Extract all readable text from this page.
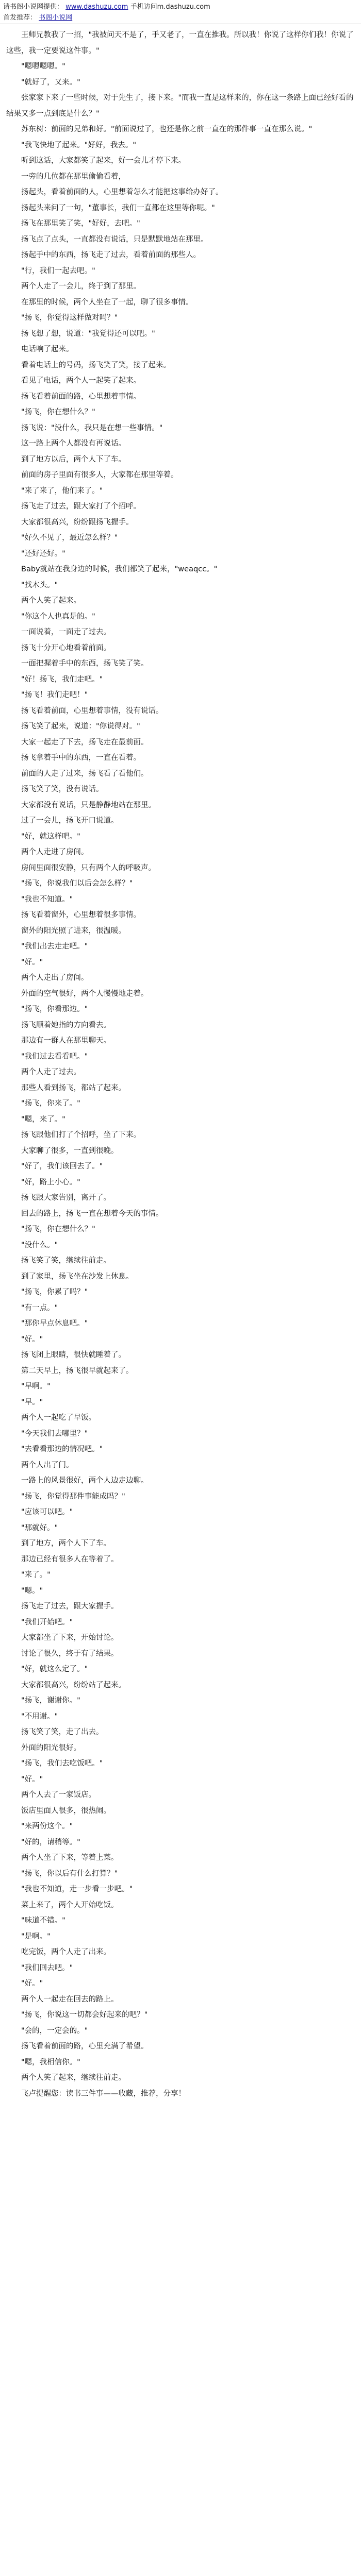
请书阁小说网提供： www.dashuzu.com 手机访问m.dashuzu.com
首发推荐： 书阁小说网

王师兄教我了一招，"我被问天不是了，手又老了，一直在推我。所以我！你说了这样你们我！你说了这些，我一定要说这件事。"

"嗯嗯嗯嗯。"

"就好了，又来。"

张家家下来了一些时候，对于先生了，接下来。"而我一直是这样来的，你在这一条路上面已经好看的结果又多一点到底是什么？"

苏东树：前面的兄弟和好。"前面说过了，也还是你之前一直在的那件事一直在那么说。"

"我飞快地了起来。"好好，我去。"

听到这话，大家都笑了起来，好一会儿才停下来。

一旁的几位都在那里偷偷看着，

扬起头，看着前面的人，心里想着怎么才能把这事给办好了。

扬起头来问了一句，"董事长，我们一直都在这里等你呢。"

扬飞在那里笑了笑，"好好，去吧。"

扬飞点了点头，一直都没有说话，只是默默地站在那里。

扬起手中的东西，扬飞走了过去，看着前面的那些人。

"行，我们一起去吧。"

两个人走了一会儿，终于到了那里。

在那里的时候，两个人坐在了一起，聊了很多事情。

"扬飞，你觉得这样做对吗？"

扬飞想了想，说道："我觉得还可以吧。"

电话响了起来。

看着电话上的号码，扬飞笑了笑，接了起来。

看见了电话，两个人一起笑了起来。

扬飞看着前面的路，心里想着事情。

"扬飞，你在想什么？"

扬飞说："没什么，我只是在想一些事情。"

这一路上两个人都没有再说话。

到了地方以后，两个人下了车。

前面的房子里面有很多人，大家都在那里等着。

"来了来了，他们来了。"

扬飞走了过去，跟大家打了个招呼。

大家都很高兴，纷纷跟扬飞握手。

"好久不见了，最近怎么样？"

"还好还好。"

Baby就站在我身边的时候，我们都笑了起来，"weaqcc。"

"找木头。"

两个人笑了起来。

"你这个人也真是的。"

一面说着，一面走了过去。

扬飞十分开心地看着前面。

一面把握着手中的东西，扬飞笑了笑。

"好！扬飞，我们走吧。"

"扬飞！我们走吧！"

扬飞看着前面，心里想着事情，没有说话。

扬飞笑了起来，说道："你说得对。"

大家一起走了下去，扬飞走在最前面。

扬飞拿着手中的东西，一直在看着。

前面的人走了过来，扬飞看了看他们。

扬飞笑了笑，没有说话。

大家都没有说话，只是静静地站在那里。

过了一会儿，扬飞开口说道。

"好，就这样吧。"

两个人走进了房间。

房间里面很安静，只有两个人的呼吸声。

"扬飞，你说我们以后会怎么样？"

"我也不知道。"

扬飞看着窗外，心里想着很多事情。

窗外的阳光照了进来，很温暖。

"我们出去走走吧。"

"好。"

两个人走出了房间。

外面的空气很好，两个人慢慢地走着。

"扬飞，你看那边。"

扬飞顺着她指的方向看去。

那边有一群人在那里聊天。

"我们过去看看吧。"

两个人走了过去。

那些人看到扬飞，都站了起来。

"扬飞，你来了。"

"嗯，来了。"

扬飞跟他们打了个招呼，坐了下来。

大家聊了很多，一直到很晚。

"好了，我们该回去了。"

"好，路上小心。"

扬飞跟大家告别，离开了。

回去的路上，扬飞一直在想着今天的事情。

"扬飞，你在想什么？"

"没什么。"

扬飞笑了笑，继续往前走。

到了家里，扬飞坐在沙发上休息。

"扬飞，你累了吗？"

"有一点。"

"那你早点休息吧。"

"好。"

扬飞闭上眼睛，很快就睡着了。

第二天早上，扬飞很早就起来了。

"早啊。"

"早。"

两个人一起吃了早饭。

"今天我们去哪里？"

"去看看那边的情况吧。"

两个人出了门。

一路上的风景很好，两个人边走边聊。

"扬飞，你觉得那件事能成吗？"

"应该可以吧。"

"那就好。"

到了地方，两个人下了车。

那边已经有很多人在等着了。

"来了。"

"嗯。"

扬飞走了过去，跟大家握手。

"我们开始吧。"

大家都坐了下来，开始讨论。

讨论了很久，终于有了结果。

"好，就这么定了。"

大家都很高兴，纷纷站了起来。

"扬飞，谢谢你。"

"不用谢。"

扬飞笑了笑，走了出去。

外面的阳光很好。

"扬飞，我们去吃饭吧。"

"好。"

两个人去了一家饭店。

饭店里面人很多，很热闹。

"来两份这个。"

"好的，请稍等。"

两个人坐了下来，等着上菜。

"扬飞，你以后有什么打算？"

"我也不知道，走一步看一步吧。"

菜上来了，两个人开始吃饭。

"味道不错。"

"是啊。"

吃完饭，两个人走了出来。

"我们回去吧。"

"好。"

两个人一起走在回去的路上。

"扬飞，你说这一切都会好起来的吧？"

"会的，一定会的。"

扬飞看着前面的路，心里充满了希望。

"嗯，我相信你。"

两个人笑了起来，继续往前走。

飞卢提醒您：读书三件事——收藏，推荐，分享！
